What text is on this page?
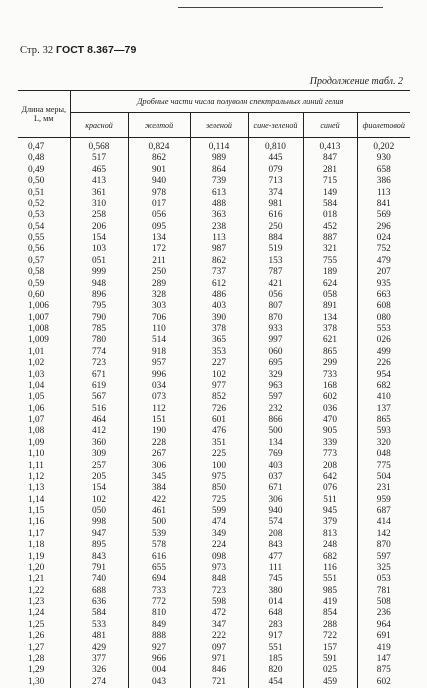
Стр. 32 ГОСТ 8.367—79
Продолжение табл. 2
Длина меры, L, мм	Дробные части числа полуволн спектральных линий гелия					
	красной	желтой	зеленой	сине-зеленой	синей	фиолетовой
0,47	0,568	0,824	0,114	0,810	0,413	0,202
0,48	517	862	989	445	847	930
0,49	465	901	864	079	281	658
0,50	413	940	739	713	715	386
0,51	361	978	613	374	149	113
0,52	310	017	488	981	584	841
0,53	258	056	363	616	018	569
0,54	206	095	238	250	452	296
0,55	154	134	113	884	887	024
0,56	103	172	987	519	321	752
0,57	051	211	862	153	755	479
0,58	999	250	737	787	189	207
0,59	948	289	612	421	624	935
0,60	896	328	486	056	058	663
1,006	795	303	403	807	891	608
1,007	790	706	390	870	134	080
1,008	785	110	378	933	378	553
1,009	780	514	365	997	621	026
1,01	774	918	353	060	865	499
1,02	723	957	227	695	299	226
1,03	671	996	102	329	733	954
1,04	619	034	977	963	168	682
1,05	567	073	852	597	602	410
1,06	516	112	726	232	036	137
1,07	464	151	601	866	470	865
1,08	412	190	476	500	905	593
1,09	360	228	351	134	339	320
1,10	309	267	225	769	773	048
1,11	257	306	100	403	208	775
1,12	205	345	975	037	642	504
1,13	154	384	850	671	076	231
1,14	102	422	725	306	511	959
1,15	050	461	599	940	945	687
1,16	998	500	474	574	379	414
1,17	947	539	349	208	813	142
1,18	895	578	224	843	248	870
1,19	843	616	098	477	682	597
1,20	791	655	973	111	116	325
1,21	740	694	848	745	551	053
1,22	688	733	723	380	985	781
1,23	636	772	598	014	419	508
1,24	584	810	472	648	854	236
1,25	533	849	347	283	288	964
1,26	481	888	222	917	722	691
1,27	429	927	097	551	157	419
1,28	377	966	971	185	591	147
1,29	326	004	846	820	025	875
1,30	274	043	721	454	459	602
